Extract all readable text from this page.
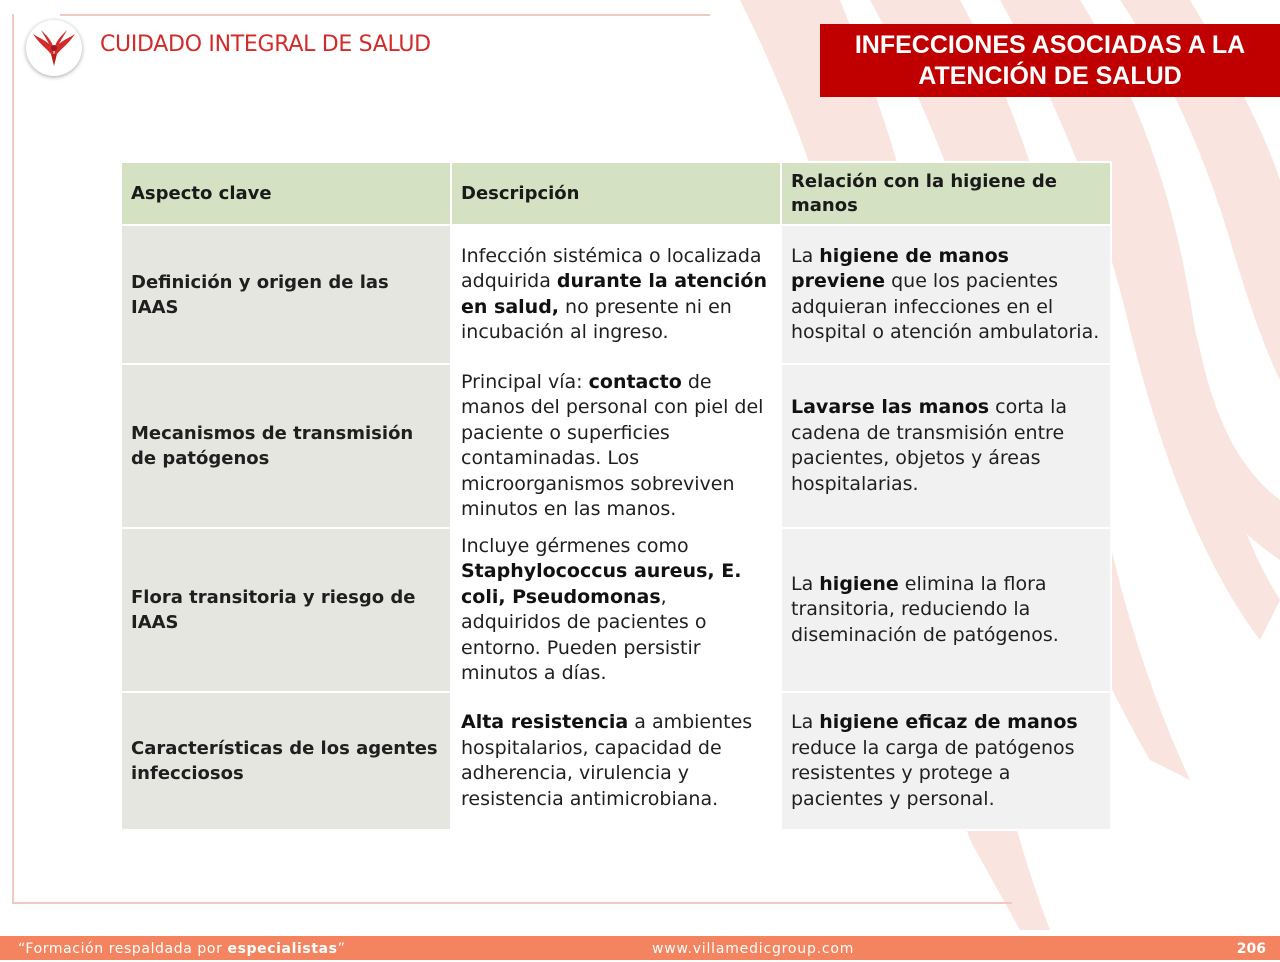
CUIDADO INTEGRAL DE SALUD	INFECCIONES ASOCIADAS A LA
ATENCIÓN DE SALUD
Aspecto clave	Descripción	Relación con la higiene de manos
Definición y origen de las IAAS	Infección sistémica o localizada adquirida durante la atención en salud, no presente ni en incubación al ingreso.	La higiene de manos previene que los pacientes adquieran infecciones en el hospital o atención ambulatoria.
Mecanismos de transmisión de patógenos	Principal vía: contacto de manos del personal con piel del paciente o superficies contaminadas. Los microorganismos sobreviven minutos en las manos.	Lavarse las manos corta la cadena de transmisión entre pacientes, objetos y áreas hospitalarias.
Flora transitoria y riesgo de IAAS	Incluye gérmenes como Staphylococcus aureus, E. coli, Pseudomonas, adquiridos de pacientes o entorno. Pueden persistir minutos a días.	La higiene elimina la flora transitoria, reduciendo la diseminación de patógenos.
Características de los agentes infecciosos	Alta resistencia a ambientes hospitalarios, capacidad de adherencia, virulencia y resistencia antimicrobiana.	La higiene eficaz de manos reduce la carga de patógenos resistentes y protege a pacientes y personal.
“Formación respaldada por especialistas”	www.villamedicgroup.com	206
